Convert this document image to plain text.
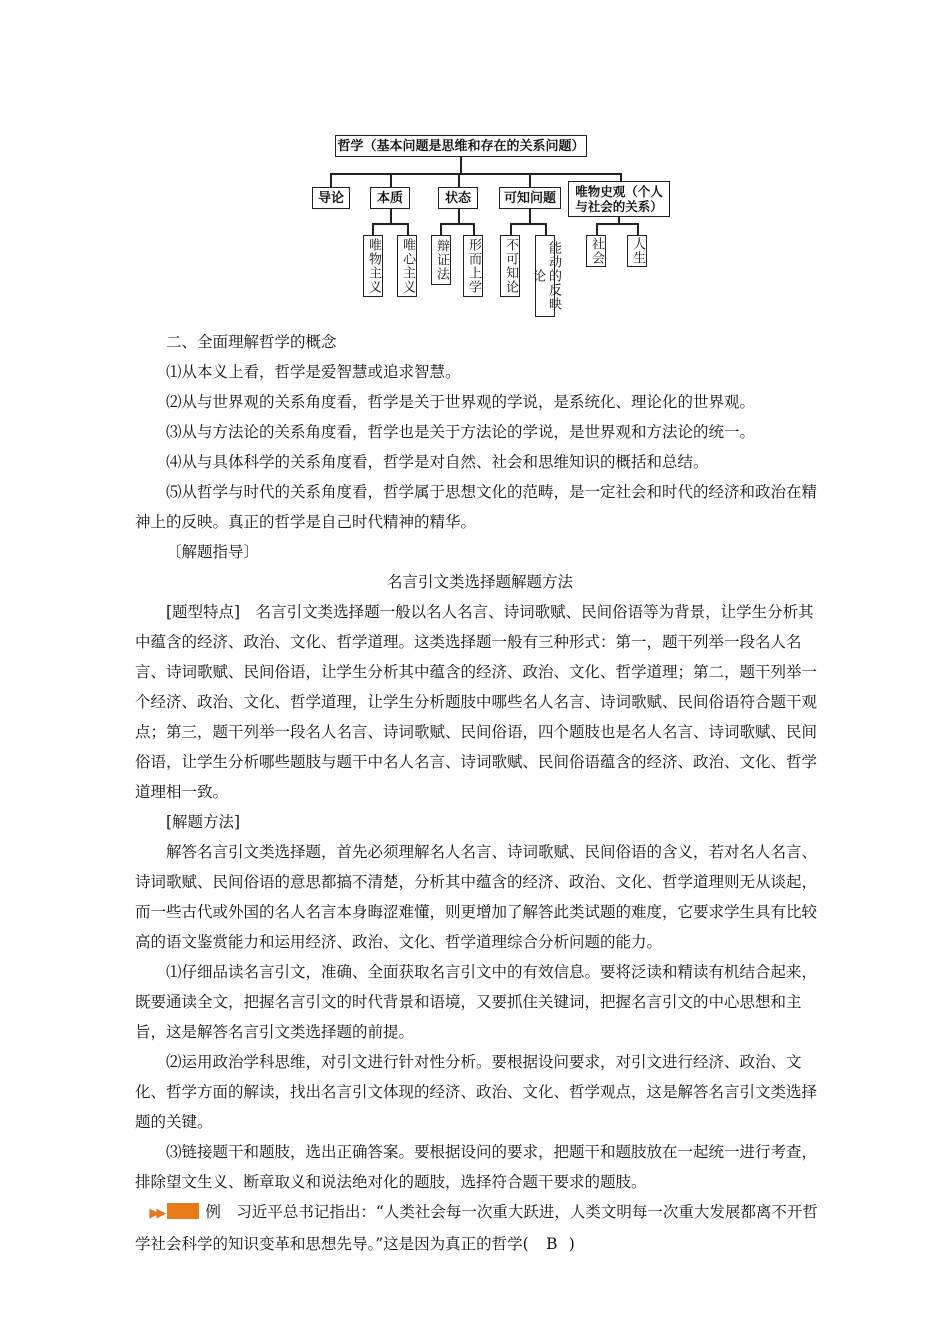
哲学（基本问题是思维和存在的关系问题）
导论	本质	状态	可知问题	唯物史观（个人与社会的关系）
唯物主义 唯心主义 辩证法 形而上学 不可知论	能动的反映论
社会 人生

二、全面理解哲学的概念

⑴从本义上看，哲学是爱智慧或追求智慧。

⑵从与世界观的关系角度看，哲学是关于世界观的学说，是系统化、理论化的世界观。

⑶从与方法论的关系角度看，哲学也是关于方法论的学说，是世界观和方法论的统一。

⑷从与具体科学的关系角度看，哲学是对自然、社会和思维知识的概括和总结。

⑸从哲学与时代的关系角度看，哲学属于思想文化的范畴，是一定社会和时代的经济和政治在精神上的反映。真正的哲学是自己时代精神的精华。

〔解题指导〕

名言引文类选择题解题方法

[题型特点]　 名言引文类选择题一般以名人名言、诗词歌赋、民间俗语等为背景，让学生分析其中蕴含的经济、政治、文化、哲学道理。这类选择题一般有三种形式：第一，题干列举一段名人名言、诗词歌赋、民间俗语，让学生分析其中蕴含的经济、政治、文化、哲学道理；第二，题干列举一个经济、政治、文化、哲学道理，让学生分析题肢中哪些名人名言、诗词歌赋、民间俗语符合题干观点；第三，题干列举一段名人名言、诗词歌赋、民间俗语，四个题肢也是名人名言、诗词歌赋、民间俗语，让学生分析哪些题肢与题干中名人名言、诗词歌赋、民间俗语蕴含的经济、政治、文化、哲学道理相一致。

[解题方法]

解答名言引文类选择题，首先必须理解名人名言、诗词歌赋、民间俗语的含义，若对名人名言、诗词歌赋、民间俗语的意思都搞不清楚，分析其中蕴含的经济、政治、文化、哲学道理则无从谈起，而一些古代或外国的名人名言本身晦涩难懂，则更增加了解答此类试题的难度，它要求学生具有比较高的语文鉴赏能力和运用经济、政治、文化、哲学道理综合分析问题的能力。

⑴仔细品读名言引文，准确、全面获取名言引文中的有效信息。要将泛读和精读有机结合起来，既要通读全文，把握名言引文的时代背景和语境，又要抓住关键词，把握名言引文的中心思想和主旨，这是解答名言引文类选择题的前提。

⑵运用政治学科思维，对引文进行针对性分析。要根据设问要求，对引文进行经济、政治、文化、哲学方面的解读，找出名言引文体现的经济、政治、文化、哲学观点，这是解答名言引文类选择题的关键。

⑶链接题干和题肢，选出正确答案。要根据设问的要求，把题干和题肢放在一起统一进行考查，排除望文生义、断章取义和说法绝对化的题肢，选择符合题干要求的题肢。

▶▶	例　 习近平总书记指出：“人类社会每一次重大跃进，人类文明每一次重大发展都离不开哲学社会科学的知识变革和思想先导。”这是因为真正的哲学( B )
